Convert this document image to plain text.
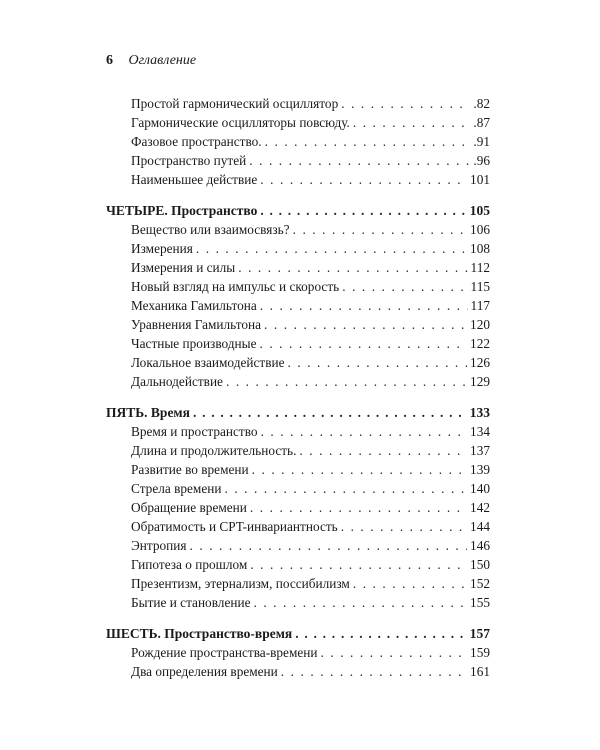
6 Оглавление
Простой гармонический осциллятор . . .	.82
Гармонические осцилляторы повсюду. . . .	.87
Фазовое пространство. . . .	.91
Пространство путей . . .	.96
Наименьшее действие . . .	101
ЧЕТЫРЕ. Пространство . . .	105
Вещество или взаимосвязь? . . .	106
Измерения . . .	108
Измерения и силы . . .	112
Новый взгляд на импульс и скорость . . .	115
Механика Гамильтона . . .	117
Уравнения Гамильтона . . .	120
Частные производные . . .	122
Локальное взаимодействие . . .	126
Дальнодействие . . .	129
ПЯТЬ. Время . . .	133
Время и пространство . . .	134
Длина и продолжительность. . . .	137
Развитие во времени . . .	139
Стрела времени . . .	140
Обращение времени . . .	142
Обратимость и CPT-инвариантность . . .	144
Энтропия . . .	146
Гипотеза о прошлом . . .	150
Презентизм, этернализм, поссибилизм . . .	152
Бытие и становление . . .	155
ШЕСТЬ. Пространство-время . . .	157
Рождение пространства-времени . . .	159
Два определения времени . . .	161
